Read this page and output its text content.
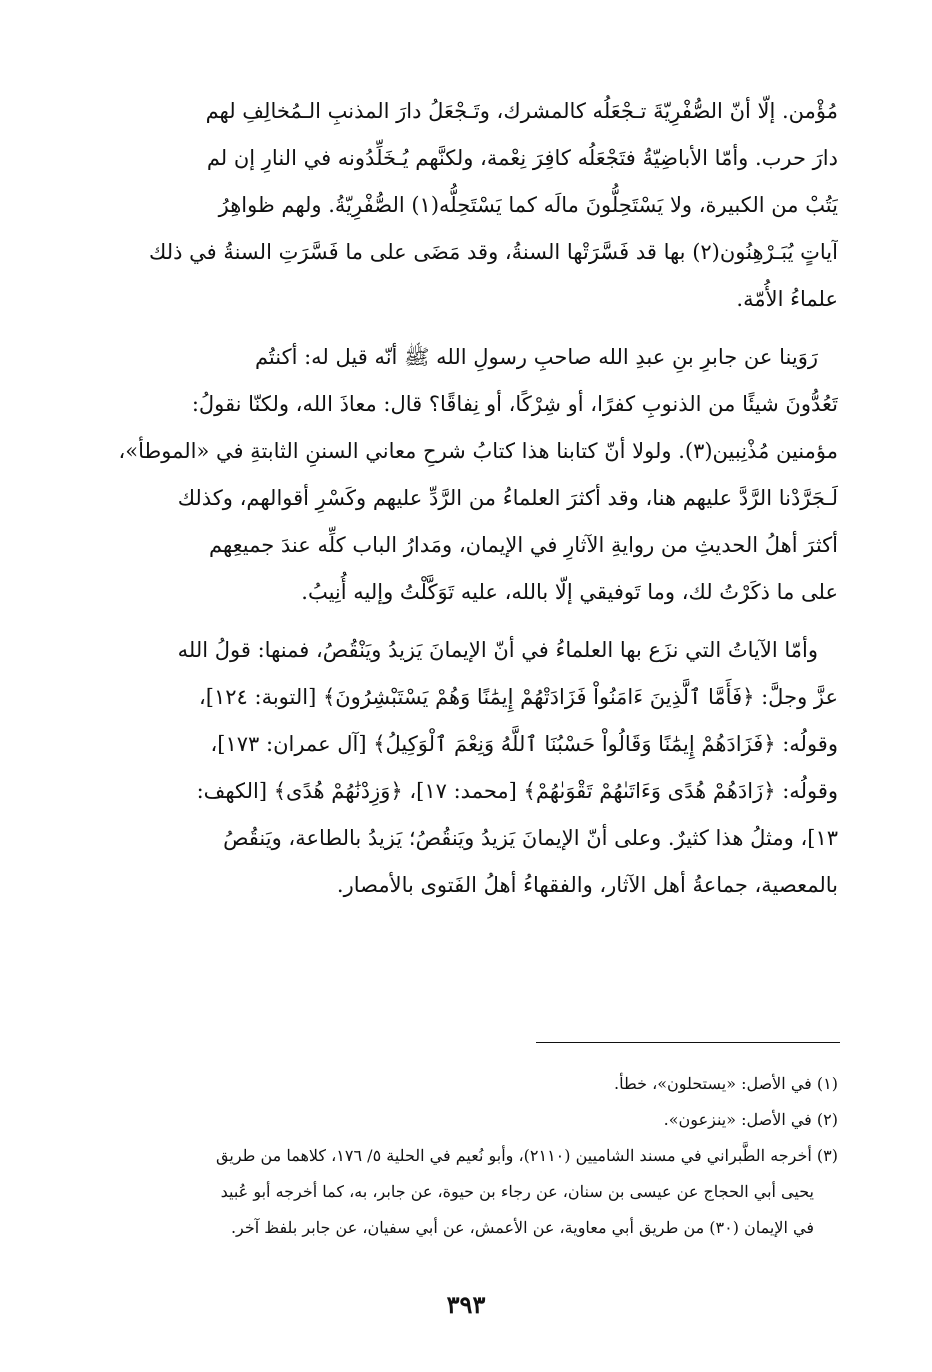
مُؤْمن. إلّا أنّ الصُّفْرِيّةَ تـجْعَلُه كالمشرك، وتَـجْعَلُ دارَ المذنبِ الـمُخالِفِ لهم
دارَ حرب. وأمّا الأباضِيّةُ فتَجْعَلُه كافِرَ نِعْمة، ولكنَّهم يُـخَلِّدُونه في النارِ إن لم
يَتُبْ من الكبيرة، ولا يَسْتَحِلُّونَ مالَه كما يَسْتَحِلُّه(١) الصُّفْرِيّةُ. ولهم ظواهِرُ
آياتٍ يُبَـرْهِنُون(٢) بها قد فَسَّرَتْها السنةُ، وقد مَضَى على ما فَسَّرَتِ السنةُ في ذلك
علماءُ الأُمّة.
رَوَينا عن جابرِ بنِ عبدِ الله صاحبِ رسولِ الله ﷺ أنّه قيل له: أكنتُم
تَعُدُّونَ شيئًا من الذنوبِ كفرًا، أو شِرْكًا، أو نِفاقًا؟ قال: معاذَ الله، ولكنّا نقولُ:
مؤمنين مُذْنِبين(٣). ولولا أنّ كتابنا هذا كتابُ شرحِ معاني السننِ الثابتةِ في «الموطأ»،
لَـجَرَّدْنا الرَّدَّ عليهم هنا، وقد أكثرَ العلماءُ من الرَّدِّ عليهم وكَسْرِ أقوالهم، وكذلك
أكثرَ أهلُ الحديثِ من روايةِ الآثارِ في الإيمان، ومَدارُ الباب كلِّه عندَ جميعِهم
على ما ذكَرْتُ لك، وما تَوفيقي إلّا بالله، عليه تَوَكَّلْتُ وإليه أُنِيبُ.
وأمّا الآياتُ التي نزَع بها العلماءُ في أنّ الإيمانَ يَزيدُ ويَنْقُصُ، فمنها: قولُ الله
عزَّ وجلَّ: ﴿فَأَمَّا ٱلَّذِينَ ءَامَنُواْ فَزَادَتْهُمْ إِيمَٰنًا وَهُمْ يَسْتَبْشِرُونَ﴾ [التوبة: ١٢٤]،
وقولُه: ﴿فَزَادَهُمْ إِيمَٰنًا وَقَالُواْ حَسْبُنَا ٱللَّهُ وَنِعْمَ ٱلْوَكِيلُ﴾ [آل عمران: ١٧٣]،
وقولُه: ﴿زَادَهُمْ هُدًى وَءَاتَىٰهُمْ تَقْوَىٰهُمْ﴾ [محمد: ١٧]، ﴿وَزِدْنَٰهُمْ هُدًى﴾ [الكهف:
١٣]، ومثلُ هذا كثيرٌ. وعلى أنّ الإيمانَ يَزيدُ ويَنقُصُ؛ يَزيدُ بالطاعة، ويَنقُصُ
بالمعصية، جماعةُ أهل الآثار، والفقهاءُ أهلُ الفَتوى بالأمصار.
(١) في الأصل: «يستحلون»، خطأ.
(٢) في الأصل: «ينزعون».
(٣) أخرجه الطَّبراني في مسند الشاميين (٢١١٠)، وأبو نُعيم في الحلية ٥/ ١٧٦، كلاهما من طريق
يحيى أبي الحجاج عن عيسى بن سنان، عن رجاء بن حيوة، عن جابر، به، كما أخرجه أبو عُبيد
في الإيمان (٣٠) من طريق أبي معاوية، عن الأعمش، عن أبي سفيان، عن جابر بلفظ آخر.
٣٩٣
